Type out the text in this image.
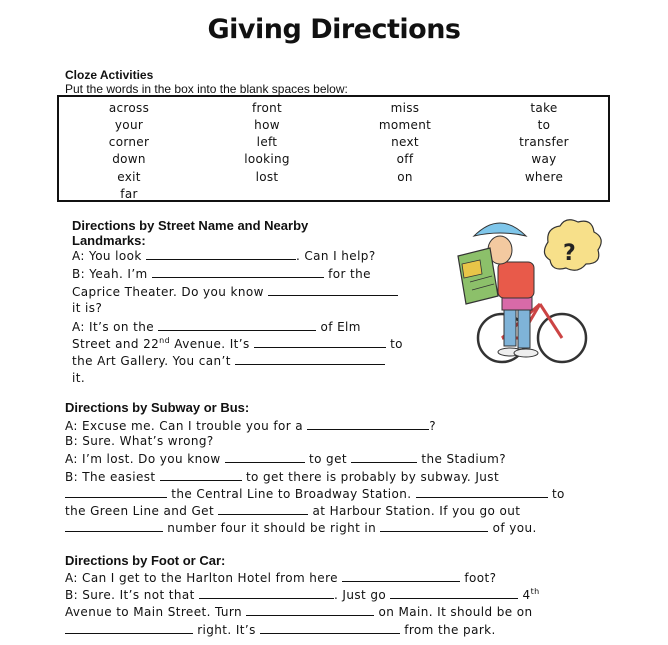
Giving Directions
Cloze Activities
Put the words in the box into the blank spaces below:
across	front	miss	take
your	how	moment	to
corner	left	next	transfer
down	looking	off	way
exit	lost	on	where
far
?
Directions by Street Name and Nearby
Landmarks:
A: You look	. Can I help?
B: Yeah. I’m	for the
Caprice Theater. Do you know
it is?
A: It’s on the	of Elm
Street and 22nd Avenue. It’s	to
the Art Gallery. You can’t
it.
Directions by Subway or Bus:
A: Excuse me. Can I trouble you for a	?
B: Sure. What’s wrong?
A: I’m lost. Do you know	to get	the Stadium?
B: The easiest	to get there is probably by subway. Just
the Central Line to Broadway Station.	to
the Green Line and Get	at Harbour Station. If you go out
number four it should be right in	of you.
Directions by Foot or Car:
A: Can I get to the Harlton Hotel from here	foot?
B: Sure. It’s not that	. Just go	4th
Avenue to Main Street. Turn	on Main. It should be on
right. It’s	from the park.
